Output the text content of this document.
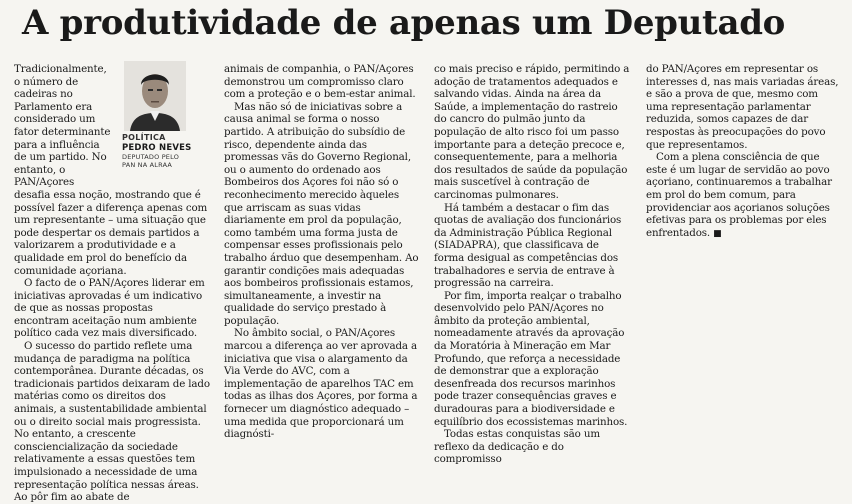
A produtividade de apenas um Deputado
POLÍTICA
PEDRO NEVES
DEPUTADO PELO
PAN NA ALRAA

Tradicionalmente, o número de cadeiras no Parlamento era considerado um fator determinante para a influência de um partido. No entanto, o PAN/Açores desafia essa noção, mostrando que é possível fazer a diferença apenas com um representante – uma situação que pode despertar os demais partidos a valorizarem a produtividade e a qualidade em prol do benefício da comunidade açoriana.

O facto de o PAN/Açores liderar em iniciativas aprovadas é um indicativo de que as nossas propostas encontram aceitação num ambiente político cada vez mais diversificado.

O sucesso do partido reflete uma mudança de paradigma na política contemporânea. Durante décadas, os tradicionais partidos deixaram de lado matérias como os direitos dos animais, a sustentabilidade ambiental ou o direito social mais progressista. No entanto, a crescente consciencialização da sociedade relativamente a essas questões tem impulsionado a necessidade de uma representação política nessas áreas. Ao pôr fim ao abate de

animais de companhia, o PAN/Açores demonstrou um compromisso claro com a proteção e o bem-estar animal.

Mas não só de iniciativas sobre a causa animal se forma o nosso partido. A atribuição do subsídio de risco, dependente ainda das promessas vãs do Governo Regional, ou o aumento do ordenado aos Bombeiros dos Açores foi não só o reconhecimento merecido àqueles que arriscam as suas vidas diariamente em prol da população, como também uma forma justa de compensar esses profissionais pelo trabalho árduo que desempenham. Ao garantir condições mais adequadas aos bombeiros profissionais estamos, simultaneamente, a investir na qualidade do serviço prestado à população.

No âmbito social, o PAN/Açores marcou a diferença ao ver aprovada a iniciativa que visa o alargamento da Via Verde do AVC, com a implementação de aparelhos TAC em todas as ilhas dos Açores, por forma a fornecer um diagnóstico adequado – uma medida que proporcionará um diagnósti-

co mais preciso e rápido, permitindo a adoção de tratamentos adequados e salvando vidas. Ainda na área da Saúde, a implementação do rastreio do cancro do pulmão junto da população de alto risco foi um passo importante para a deteção precoce e, consequentemente, para a melhoria dos resultados de saúde da população mais suscetível à contração de carcinomas pulmonares.

Há também a destacar o fim das quotas de avaliação dos funcionários da Administração Pública Regional (SIADAPRA), que classificava de forma desigual as competências dos trabalhadores e servia de entrave à progressão na carreira.

Por fim, importa realçar o trabalho desenvolvido pelo PAN/Açores no âmbito da proteção ambiental, nomeadamente através da aprovação da Moratória à Mineração em Mar Profundo, que reforça a necessidade de demonstrar que a exploração desenfreada dos recursos marinhos pode trazer consequências graves e duradouras para a biodiversidade e equilíbrio dos ecossistemas marinhos.

Todas estas conquistas são um reflexo da dedicação e do compromisso

do PAN/Açores em representar os interesses d, nas mais variadas áreas, e são a prova de que, mesmo com uma representação parlamentar reduzida, somos capazes de dar respostas às preocupações do povo que representamos.

Com a plena consciência de que este é um lugar de servidão ao povo açoriano, continuaremos a trabalhar em prol do bem comum, para providenciar aos açorianos soluções efetivas para os problemas por eles enfrentados. ■
